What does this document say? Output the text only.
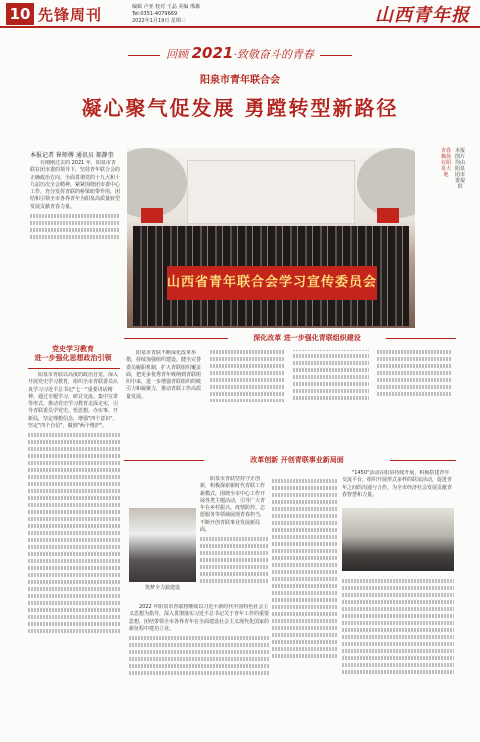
10 先锋周刊	编辑 卢亚 校对 王晶 美编 邢森
Tel:0351-4079669
2022年1月19日 星期三	山西青年报
回顾 2021·致敬奋斗的青春
阳泉市青年联合会
凝心聚气促发展 勇蹚转型新路径
本报记者 崔师傅 通讯员 郝静奎
在刚刚过去的 2021 年，阳泉市青联在团市委的领导下，坚持青年联合会的正确政治方向，全面贯彻党的十九大和十九届历次全会精神，紧紧围绕团市委中心工作，充分发挥青联的桥梁纽带作用，团结和引领全市各界青年为阳泉高质量转型发展贡献青春力量。
山西省青年联合会学习宣传委员会
青春飘扬在阳泉大地
本报图片均由阳泉团市委提供
党史学习教育
进一步强化思想政治引领
阳泉市青联以高度的政治自觉，深入开展党史学习教育，组织全市青联委员认真学习习近平总书记"七一"重要讲话精神，通过专题学习、研讨交流、集中宣讲等形式，推动党史学习教育走深走实，引导青联委员学党史、悟思想、办实事、开新局，坚定理想信念，增强"四个意识"，坚定"四个自信"，做到"两个维护"。
深化改革 进一步强化青联组织建设
阳泉市青联不断深化改革举措，持续加强组织建设，健全完善委员履职机制，扩大青联组织覆盖面，把更多优秀青年吸纳到青联组织中来，进一步增强青联组织的吸引力和凝聚力，推动青联工作高质量发展。
改革创新 开创青联事业新局面
筑梦全力搞建设
阳泉市青联坚持守正创新，积极探索新时代青联工作新模式，围绕全市中心工作开展各类主题活动，引导广大青年在乡村振兴、疫情防控、志愿服务等领域展现青春担当，不断开创青联事业发展新局面。
2022 年阳泉市青联将继续以习近平新时代中国特色社会主义思想为指导，深入贯彻落实习近平总书记关于青年工作的重要思想，团结带领全市各界青年在全面建设社会主义现代化国家的新征程中建功立业。
"1450"活动在阳泉持续开展，积极搭建青年交流平台，组织开展形式多样的联谊活动，促进青年之间的沟通与合作，为全市经济社会发展贡献青春智慧和力量。
